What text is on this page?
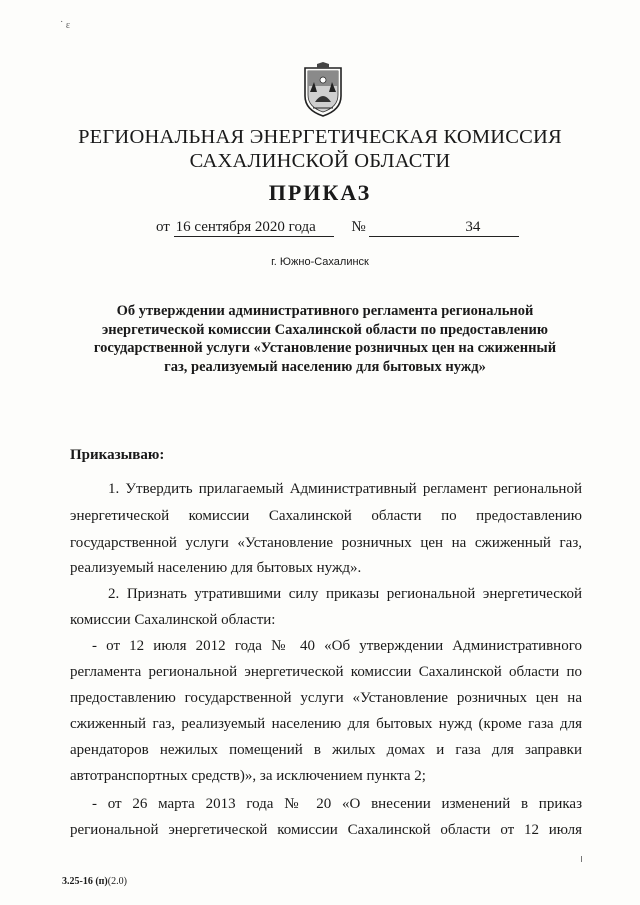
˙ ɛ
РЕГИОНАЛЬНАЯ ЭНЕРГЕТИЧЕСКАЯ КОМИССИЯ
САХАЛИНСКОЙ ОБЛАСТИ
ПРИКАЗ
от 16 сентября 2020 года №	34
г. Южно-Сахалинск
Об утверждении административного регламента региональной
энергетической комиссии Сахалинской области по предоставлению
государственной услуги «Установление розничных цен на сжиженный
газ, реализуемый населению для бытовых нужд»
Приказываю:
1. Утвердить прилагаемый Административный регламент региональной
энергетической комиссии Сахалинской области по предоставлению
государственной услуги «Установление розничных цен на сжиженный газ,
реализуемый населению для бытовых нужд».
2. Признать утратившими силу приказы региональной энергетической
комиссии Сахалинской области:
- от 12 июля 2012 года № 40 «Об утверждении Административного
регламента региональной энергетической комиссии Сахалинской области по
предоставлению государственной услуги «Установление розничных цен на
сжиженный газ, реализуемый населению для бытовых нужд (кроме газа для
арендаторов нежилых помещений в жилых домах и газа для заправки
автотранспортных средств)», за исключением пункта 2;
- от 26 марта 2013 года № 20 «О внесении изменений в приказ
региональной энергетической комиссии Сахалинской области от 12 июля
3.25-16 (п)(2.0)
